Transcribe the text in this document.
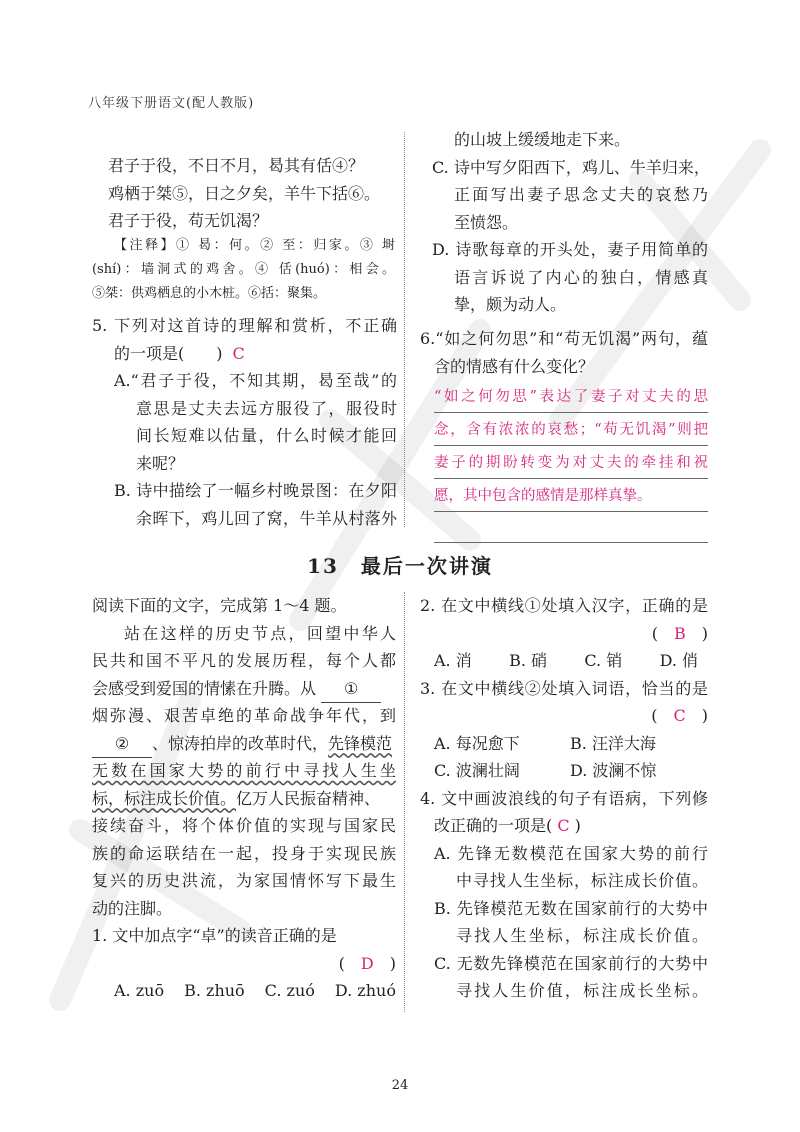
八年级下册语文(配人教版)
君子于役，不日不月，曷其有佸④？
鸡栖于桀⑤，日之夕矣，羊牛下括⑥。
君子于役，苟无饥渴？
【注释】① 曷：何。② 至：归家。③ 埘
(shí)：墙洞式的鸡舍。④ 佸(huó)：相会。
⑤桀：供鸡栖息的小木桩。⑥括：聚集。
5. 下列对这首诗的理解和赏析，不正确
的一项是(　　) C
A.“君子于役，不知其期，曷至哉”的
意思是丈夫去远方服役了，服役时
间长短难以估量，什么时候才能回
来呢？
B. 诗中描绘了一幅乡村晚景图：在夕阳
余晖下，鸡儿回了窝，牛羊从村落外
的山坡上缓缓地走下来。
C. 诗中写夕阳西下，鸡儿、牛羊归来，
正面写出妻子思念丈夫的哀愁乃
至愤怨。
D. 诗歌每章的开头处，妻子用简单的
语言诉说了内心的独白，情感真
挚，颇为动人。
6.“如之何勿思”和“苟无饥渴”两句，蕴
含的情感有什么变化？
“如之何勿思”表达了妻子对丈夫的思
念，含有浓浓的哀愁；“苟无饥渴”则把
妻子的期盼转变为对丈夫的牵挂和祝
愿，其中包含的感情是那样真挚。
13　最后一次讲演
阅读下面的文字，完成第 1～4 题。
站在这样的历史节点，回望中华人
民共和国不平凡的发展历程，每个人都
会感受到爱国的情愫在升腾。从 ①
烟弥漫、艰苦卓绝的革命战争年代，到
② 、惊涛拍岸的改革时代，先锋模范
无数在国家大势的前行中寻找人生坐
标，标注成长价值。亿万人民振奋精神、
接续奋斗，将个体价值的实现与国家民
族的命运联结在一起，投身于实现民族
复兴的历史洪流，为家国情怀写下最生
动的注脚。
1. 文中加点字“卓”的读音正确的是
(　D　)
A. zuō B. zhuō C. zuó D. zhuó
2. 在文中横线①处填入汉字，正确的是
(　B　)
A. 消 B. 硝 C. 销 D. 俏
3. 在文中横线②处填入词语，恰当的是
(　C　)
A. 每况愈下	B. 汪洋大海
C. 波澜壮阔	D. 波澜不惊
4. 文中画波浪线的句子有语病，下列修
改正确的一项是( C )
A. 先锋无数模范在国家大势的前行
中寻找人生坐标，标注成长价值。
B. 先锋模范无数在国家前行的大势中
寻找人生坐标，标注成长价值。
C. 无数先锋模范在国家前行的大势中
寻找人生价值，标注成长坐标。
24
